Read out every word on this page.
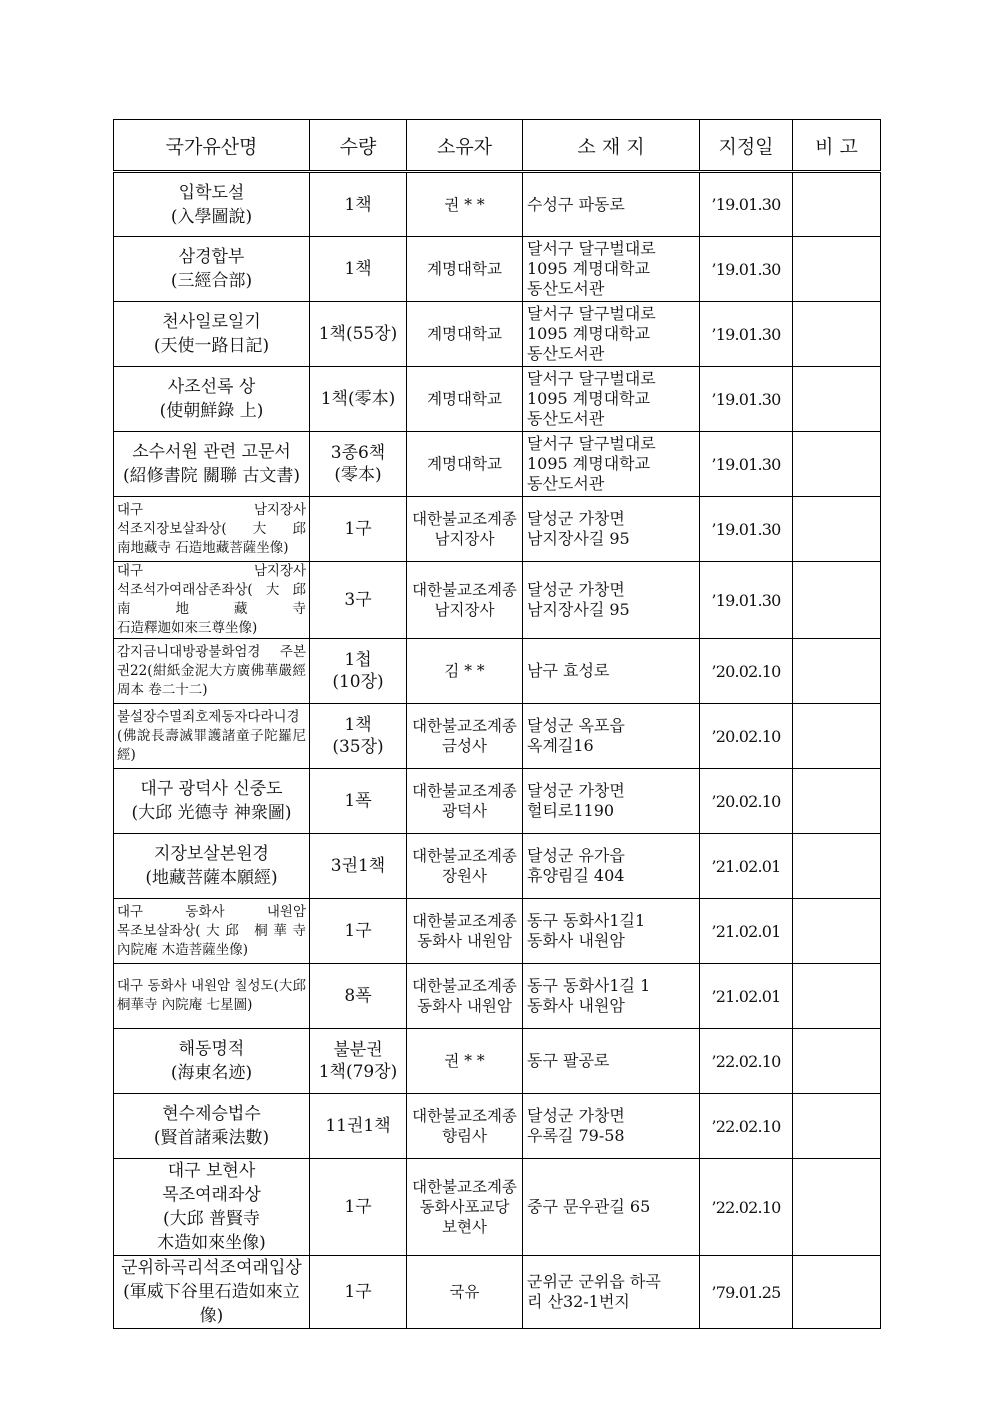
국가유산명	수량	소유자	소 재 지	지정일	비 고

입학도설
(入學圖說)	1책	권 * *	수성구 파동로	’19.01.30	

삼경합부
(三經合部)	1책	계명대학교	달서구 달구벌대로
1095 계명대학교
동산도서관	’19.01.30	

천사일로일기
(天使一路日記)	1책(55장)	계명대학교	달서구 달구벌대로
1095 계명대학교
동산도서관	’19.01.30	

사조선록 상
(使朝鮮錄 上)	1책(零本)	계명대학교	달서구 달구벌대로
1095 계명대학교
동산도서관	’19.01.30	

소수서원 관련 고문서
(紹修書院 關聯 古文書)	3종6책
(零本)	계명대학교	달서구 달구벌대로
1095 계명대학교
동산도서관	’19.01.30	

대구 남지장사 석조지장보살좌상(大邱 南地藏寺 石造地藏菩薩坐像)	1구	대한불교조계종
남지장사	달성군 가창면
남지장사길 95	’19.01.30	

대구 남지장사 석조석가여래삼존좌상(大邱 南地藏寺 石造釋迦如來三尊坐像)	3구	대한불교조계종
남지장사	달성군 가창면
남지장사길 95	’19.01.30	

감지금니대방광불화엄경 주본 권22(紺紙金泥大方廣佛華嚴經 周本 卷二十二)	1첩
(10장)	김 * *	남구 효성로	’20.02.10	

불설장수멸죄호제동자다라니경(佛說長壽滅罪護諸童子陀羅尼經)	1책
(35장)	대한불교조계종
금성사	달성군 옥포읍
옥계길16	’20.02.10	

대구 광덕사 신중도
(大邱 光德寺 神衆圖)	1폭	대한불교조계종
광덕사	달성군 가창면
헐티로1190	’20.02.10	

지장보살본원경
(地藏菩薩本願經)	3권1책	대한불교조계종
장원사	달성군 유가읍
휴양림길 404	’21.02.01	

대구 동화사 내원암 목조보살좌상(大邱 桐華寺 內院庵 木造菩薩坐像)	1구	대한불교조계종
동화사 내원암	동구 동화사1길1
동화사 내원암	’21.02.01	

대구 동화사 내원암 칠성도(大邱 桐華寺 內院庵 七星圖)	8폭	대한불교조계종
동화사 내원암	동구 동화사1길 1
동화사 내원암	’21.02.01	

해동명적
(海東名迹)	불분권
1책(79장)	권 * *	동구 팔공로	’22.02.10	

현수제승법수
(賢首諸乘法數)	11권1책	대한불교조계종
향림사	달성군 가창면
우록길 79-58	’22.02.10	

대구 보현사 목조여래좌상
(大邱 普賢寺 木造如來坐像)	1구	대한불교조계종
동화사포교당
보현사	중구 문우관길 65	’22.02.10	

군위하곡리석조여래입상
(軍威下谷里石造如來立像)	1구	국유	군위군 군위읍 하곡
리 산32-1번지	’79.01.25	
